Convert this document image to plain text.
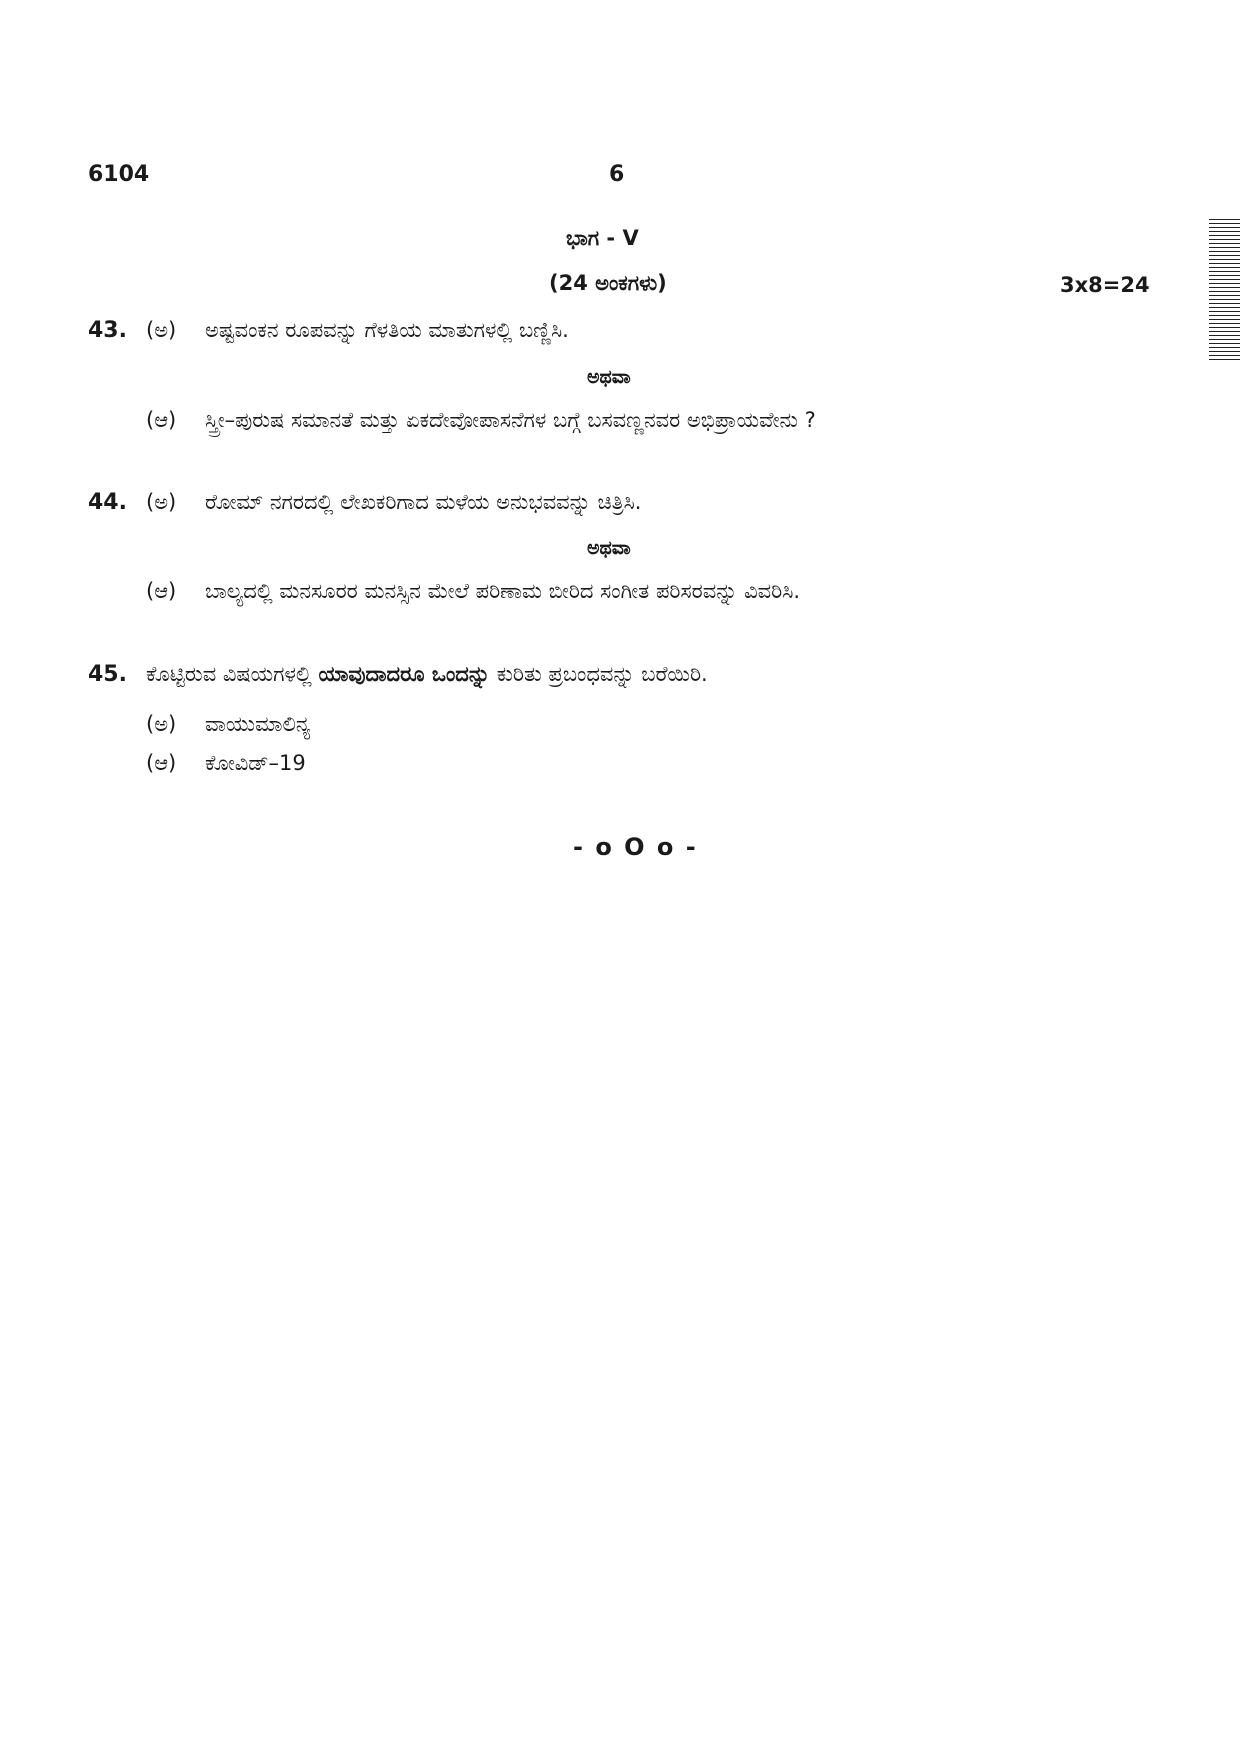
6104	6
ಭಾಗ - V
(24 ಅಂಕಗಳು)	3x8=24
43. (ಅ) ಅಷ್ಟವಂಕನ ರೂಪವನ್ನು ಗೆಳತಿಯ ಮಾತುಗಳಲ್ಲಿ ಬಣ್ಣಿಸಿ.
ಅಥವಾ
(ಆ) ಸ್ತ್ರೀ–ಪುರುಷ ಸಮಾನತೆ ಮತ್ತು ಏಕದೇವೋಪಾಸನೆಗಳ ಬಗ್ಗೆ ಬಸವಣ್ಣನವರ ಅಭಿಪ್ರಾಯವೇನು ?
44. (ಅ) ರೋಮ್ ನಗರದಲ್ಲಿ ಲೇಖಕರಿಗಾದ ಮಳೆಯ ಅನುಭವವನ್ನು ಚಿತ್ರಿಸಿ.
ಅಥವಾ
(ಆ) ಬಾಲ್ಯದಲ್ಲಿ ಮನಸೂರರ ಮನಸ್ಸಿನ ಮೇಲೆ ಪರಿಣಾಮ ಬೀರಿದ ಸಂಗೀತ ಪರಿಸರವನ್ನು ವಿವರಿಸಿ.
45. ಕೊಟ್ಟಿರುವ ವಿಷಯಗಳಲ್ಲಿ ಯಾವುದಾದರೂ ಒಂದನ್ನು ಕುರಿತು ಪ್ರಬಂಧವನ್ನು ಬರೆಯಿರಿ.
(ಅ) ವಾಯುಮಾಲಿನ್ಯ
(ಆ) ಕೋವಿಡ್–19
- o O o -
